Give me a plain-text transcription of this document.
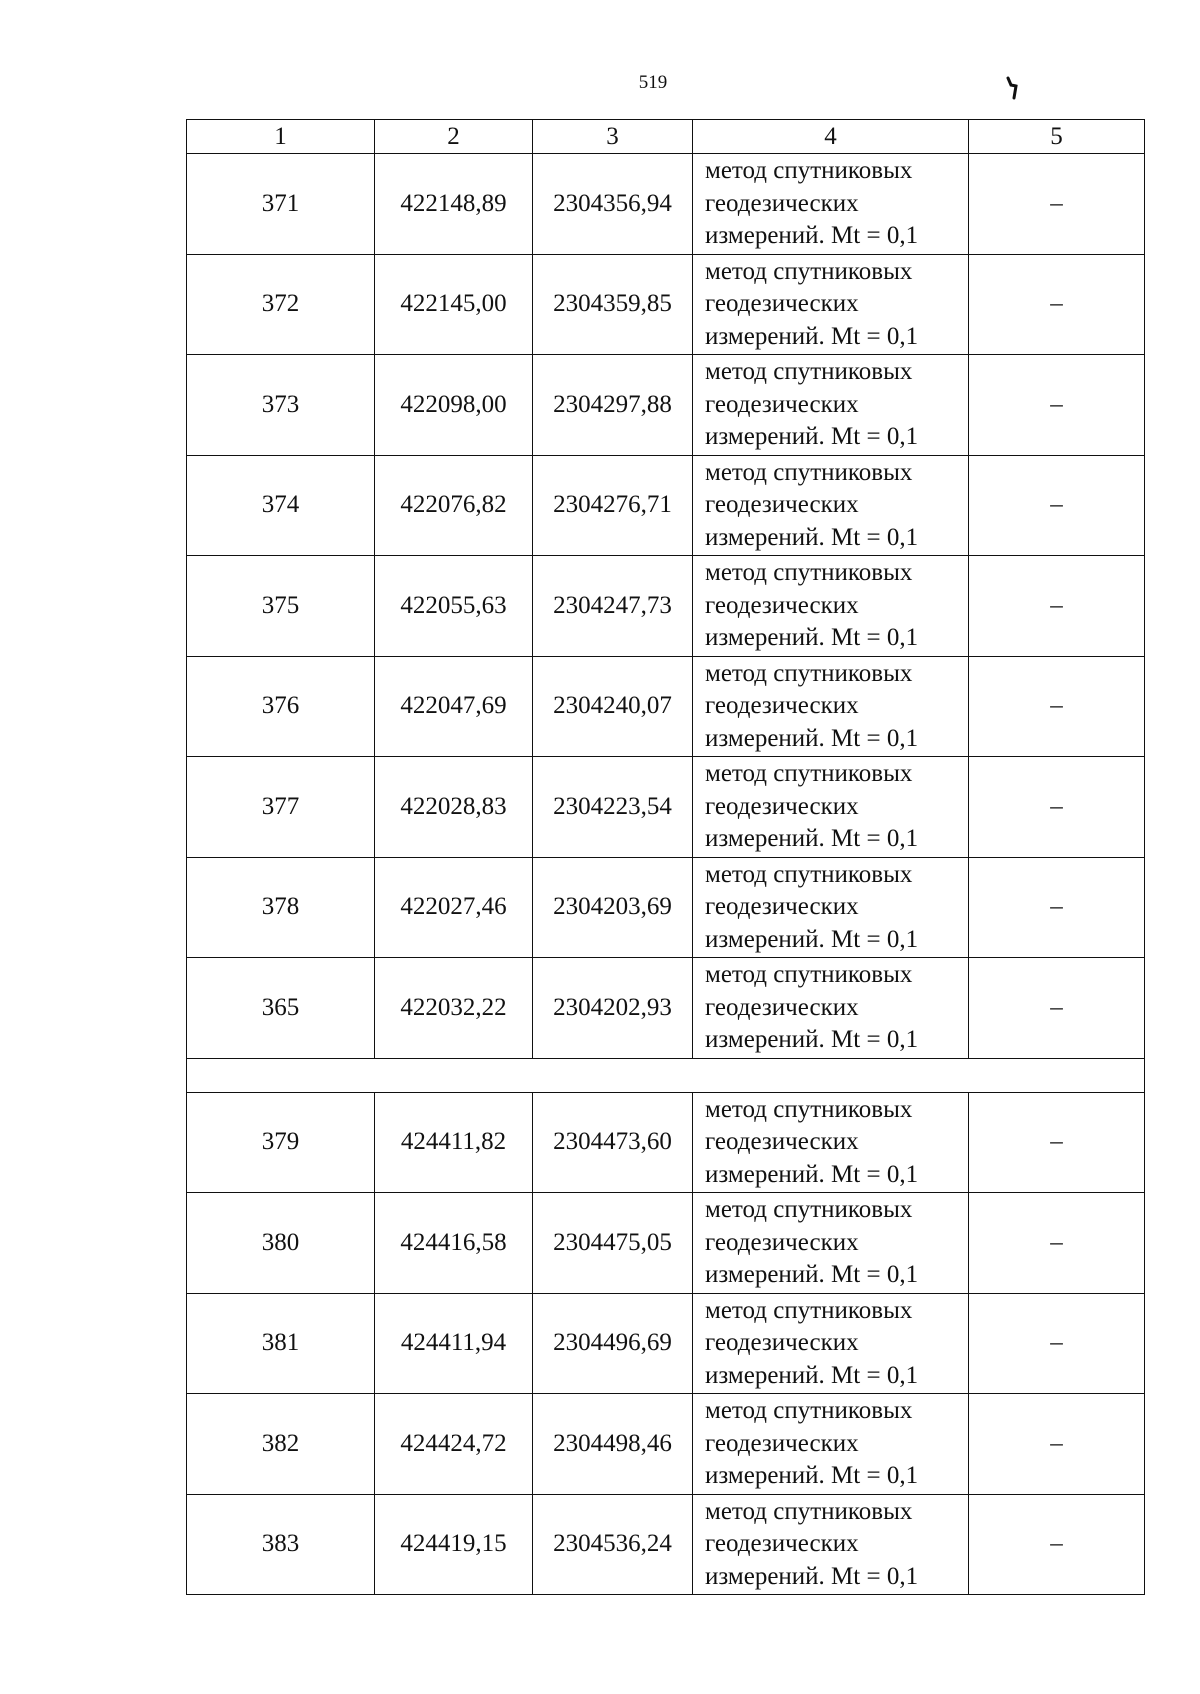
519
1	2	3	4	5
371	422148,89	2304356,94	метод спутниковых
геодезических
измерений. Mt = 0,1	–
372	422145,00	2304359,85	метод спутниковых
геодезических
измерений. Mt = 0,1	–
373	422098,00	2304297,88	метод спутниковых
геодезических
измерений. Mt = 0,1	–
374	422076,82	2304276,71	метод спутниковых
геодезических
измерений. Mt = 0,1	–
375	422055,63	2304247,73	метод спутниковых
геодезических
измерений. Mt = 0,1	–
376	422047,69	2304240,07	метод спутниковых
геодезических
измерений. Mt = 0,1	–
377	422028,83	2304223,54	метод спутниковых
геодезических
измерений. Mt = 0,1	–
378	422027,46	2304203,69	метод спутниковых
геодезических
измерений. Mt = 0,1	–
365	422032,22	2304202,93	метод спутниковых
геодезических
измерений. Mt = 0,1	–

379	424411,82	2304473,60	метод спутниковых
геодезических
измерений. Mt = 0,1	–
380	424416,58	2304475,05	метод спутниковых
геодезических
измерений. Mt = 0,1	–
381	424411,94	2304496,69	метод спутниковых
геодезических
измерений. Mt = 0,1	–
382	424424,72	2304498,46	метод спутниковых
геодезических
измерений. Mt = 0,1	–
383	424419,15	2304536,24	метод спутниковых
геодезических
измерений. Mt = 0,1	–
